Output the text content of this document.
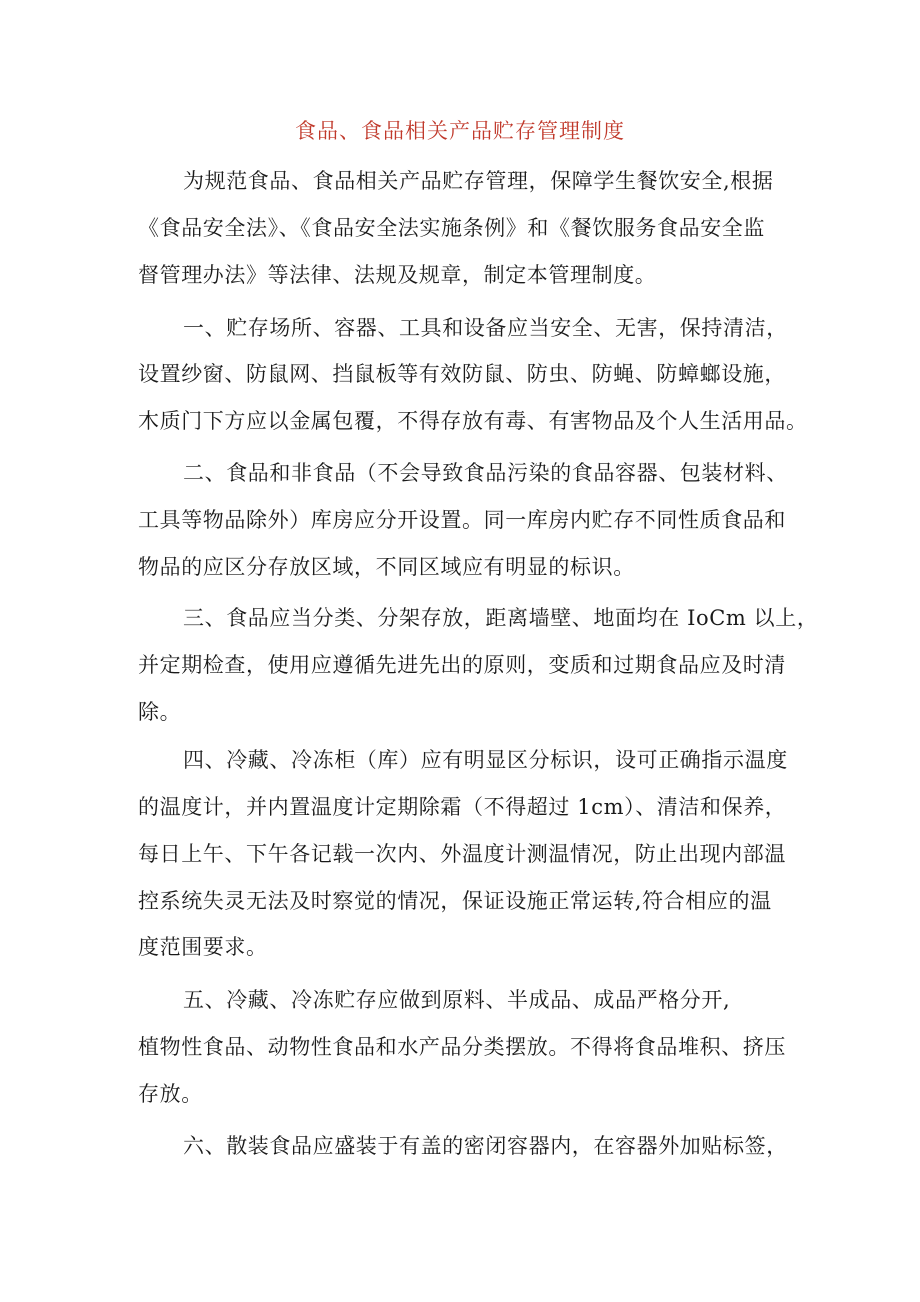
食品、食品相关产品贮存管理制度
为规范食品、食品相关产品贮存管理，保障学生餐饮安全,根据
《食品安全法》、《食品安全法实施条例》和《餐饮服务食品安全监
督管理办法》等法律、法规及规章，制定本管理制度。
一、贮存场所、容器、工具和设备应当安全、无害，保持清洁，
设置纱窗、防鼠网、挡鼠板等有效防鼠、防虫、防蝇、防蟑螂设施，
木质门下方应以金属包覆，不得存放有毒、有害物品及个人生活用品。
二、食品和非食品（不会导致食品污染的食品容器、包装材料、
工具等物品除外）库房应分开设置。同一库房内贮存不同性质食品和
物品的应区分存放区域，不同区域应有明显的标识。
三、食品应当分类、分架存放，距离墙壁、地面均在 IoCm 以上，
并定期检查，使用应遵循先进先出的原则，变质和过期食品应及时清
除。
四、冷藏、冷冻柜（库）应有明显区分标识，设可正确指示温度
的温度计，并内置温度计定期除霜（不得超过 1cm）、清洁和保养，
每日上午、下午各记载一次内、外温度计测温情况，防止出现内部温
控系统失灵无法及时察觉的情况，保证设施正常运转,符合相应的温
度范围要求。
五、冷藏、冷冻贮存应做到原料、半成品、成品严格分开,
植物性食品、动物性食品和水产品分类摆放。不得将食品堆积、挤压
存放。
六、散装食品应盛装于有盖的密闭容器内，在容器外加贴标签，
